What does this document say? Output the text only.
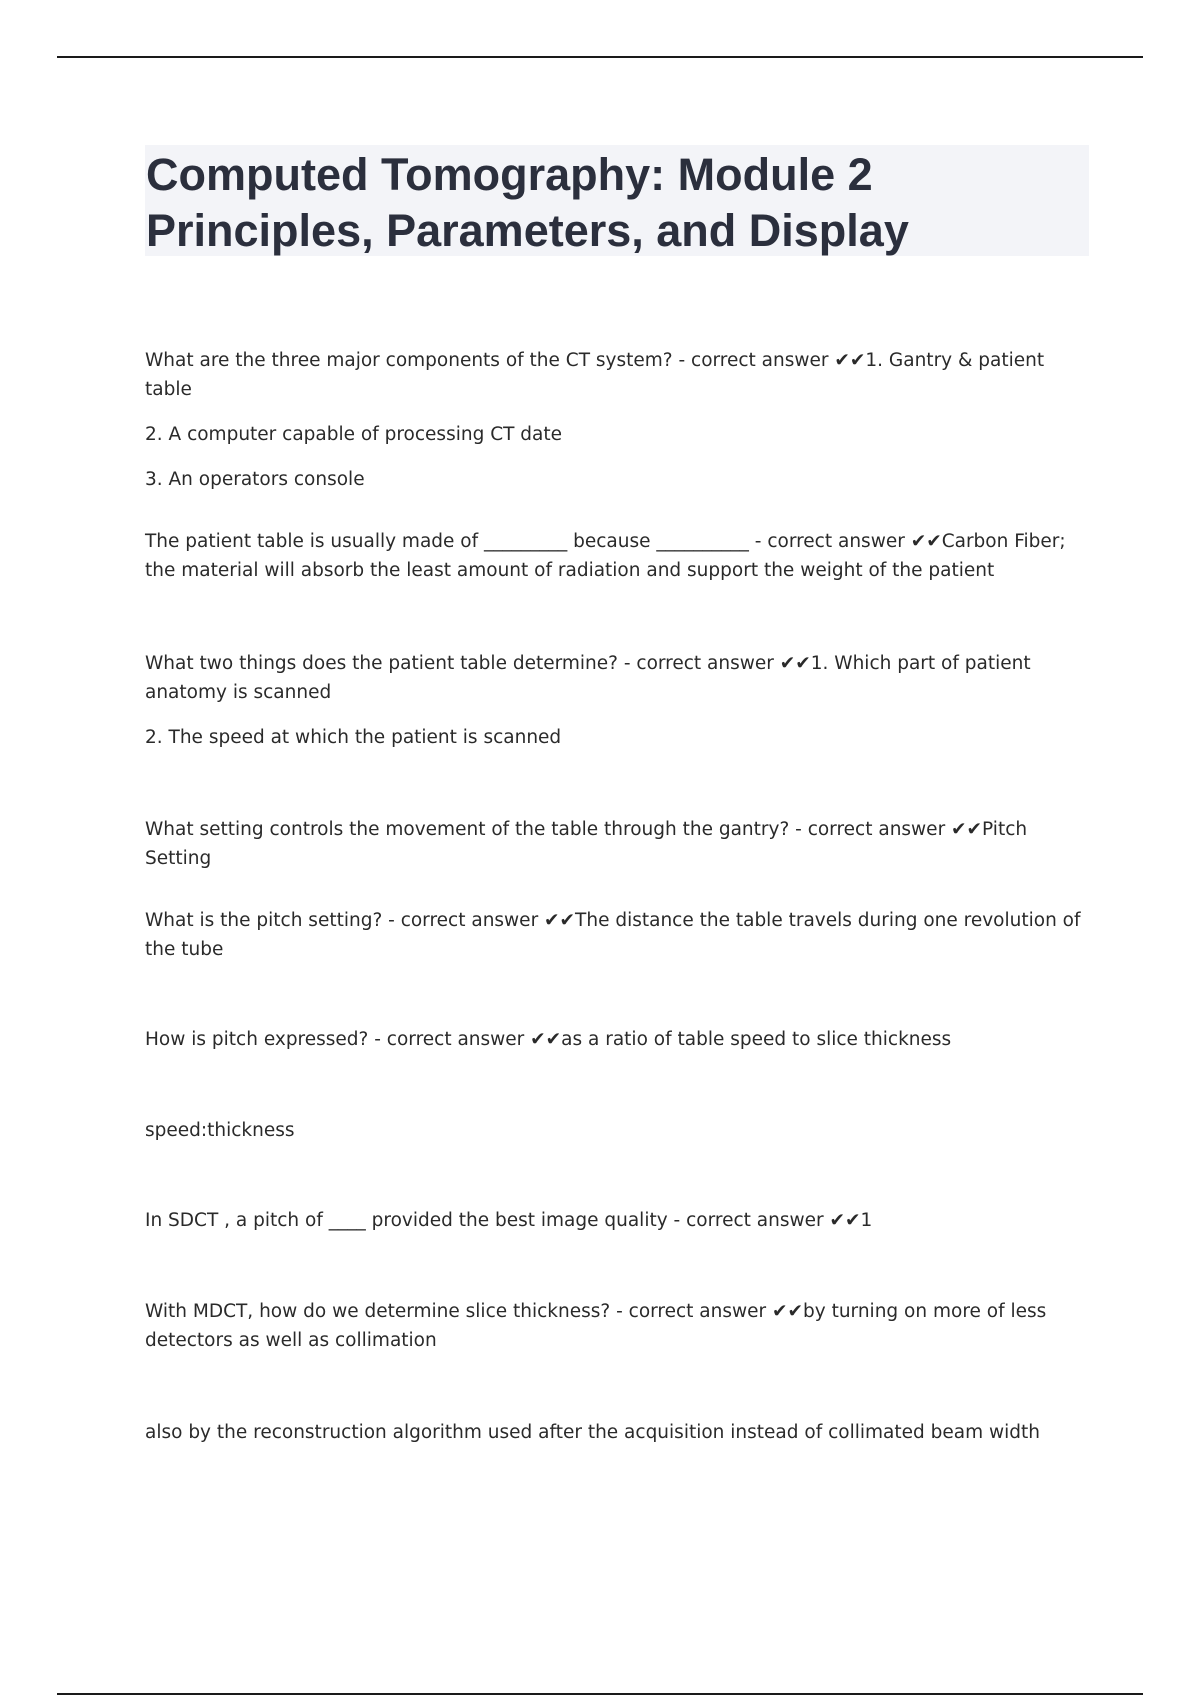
Computed Tomography: Module 2
Principles, Parameters, and Display

What are the three major components of the CT system? - correct answer ✔✔1. Gantry & patient table

2. A computer capable of processing CT date

3. An operators console

The patient table is usually made of _________ because __________ - correct answer ✔✔Carbon Fiber; the material will absorb the least amount of radiation and support the weight of the patient

What two things does the patient table determine? - correct answer ✔✔1. Which part of patient anatomy is scanned

2. The speed at which the patient is scanned

What setting controls the movement of the table through the gantry? - correct answer ✔✔Pitch Setting

What is the pitch setting? - correct answer ✔✔The distance the table travels during one revolution of the tube

How is pitch expressed? - correct answer ✔✔as a ratio of table speed to slice thickness

speed:thickness

In SDCT , a pitch of ____ provided the best image quality - correct answer ✔✔1

With MDCT, how do we determine slice thickness? - correct answer ✔✔by turning on more of less detectors as well as collimation

also by the reconstruction algorithm used after the acquisition instead of collimated beam width
